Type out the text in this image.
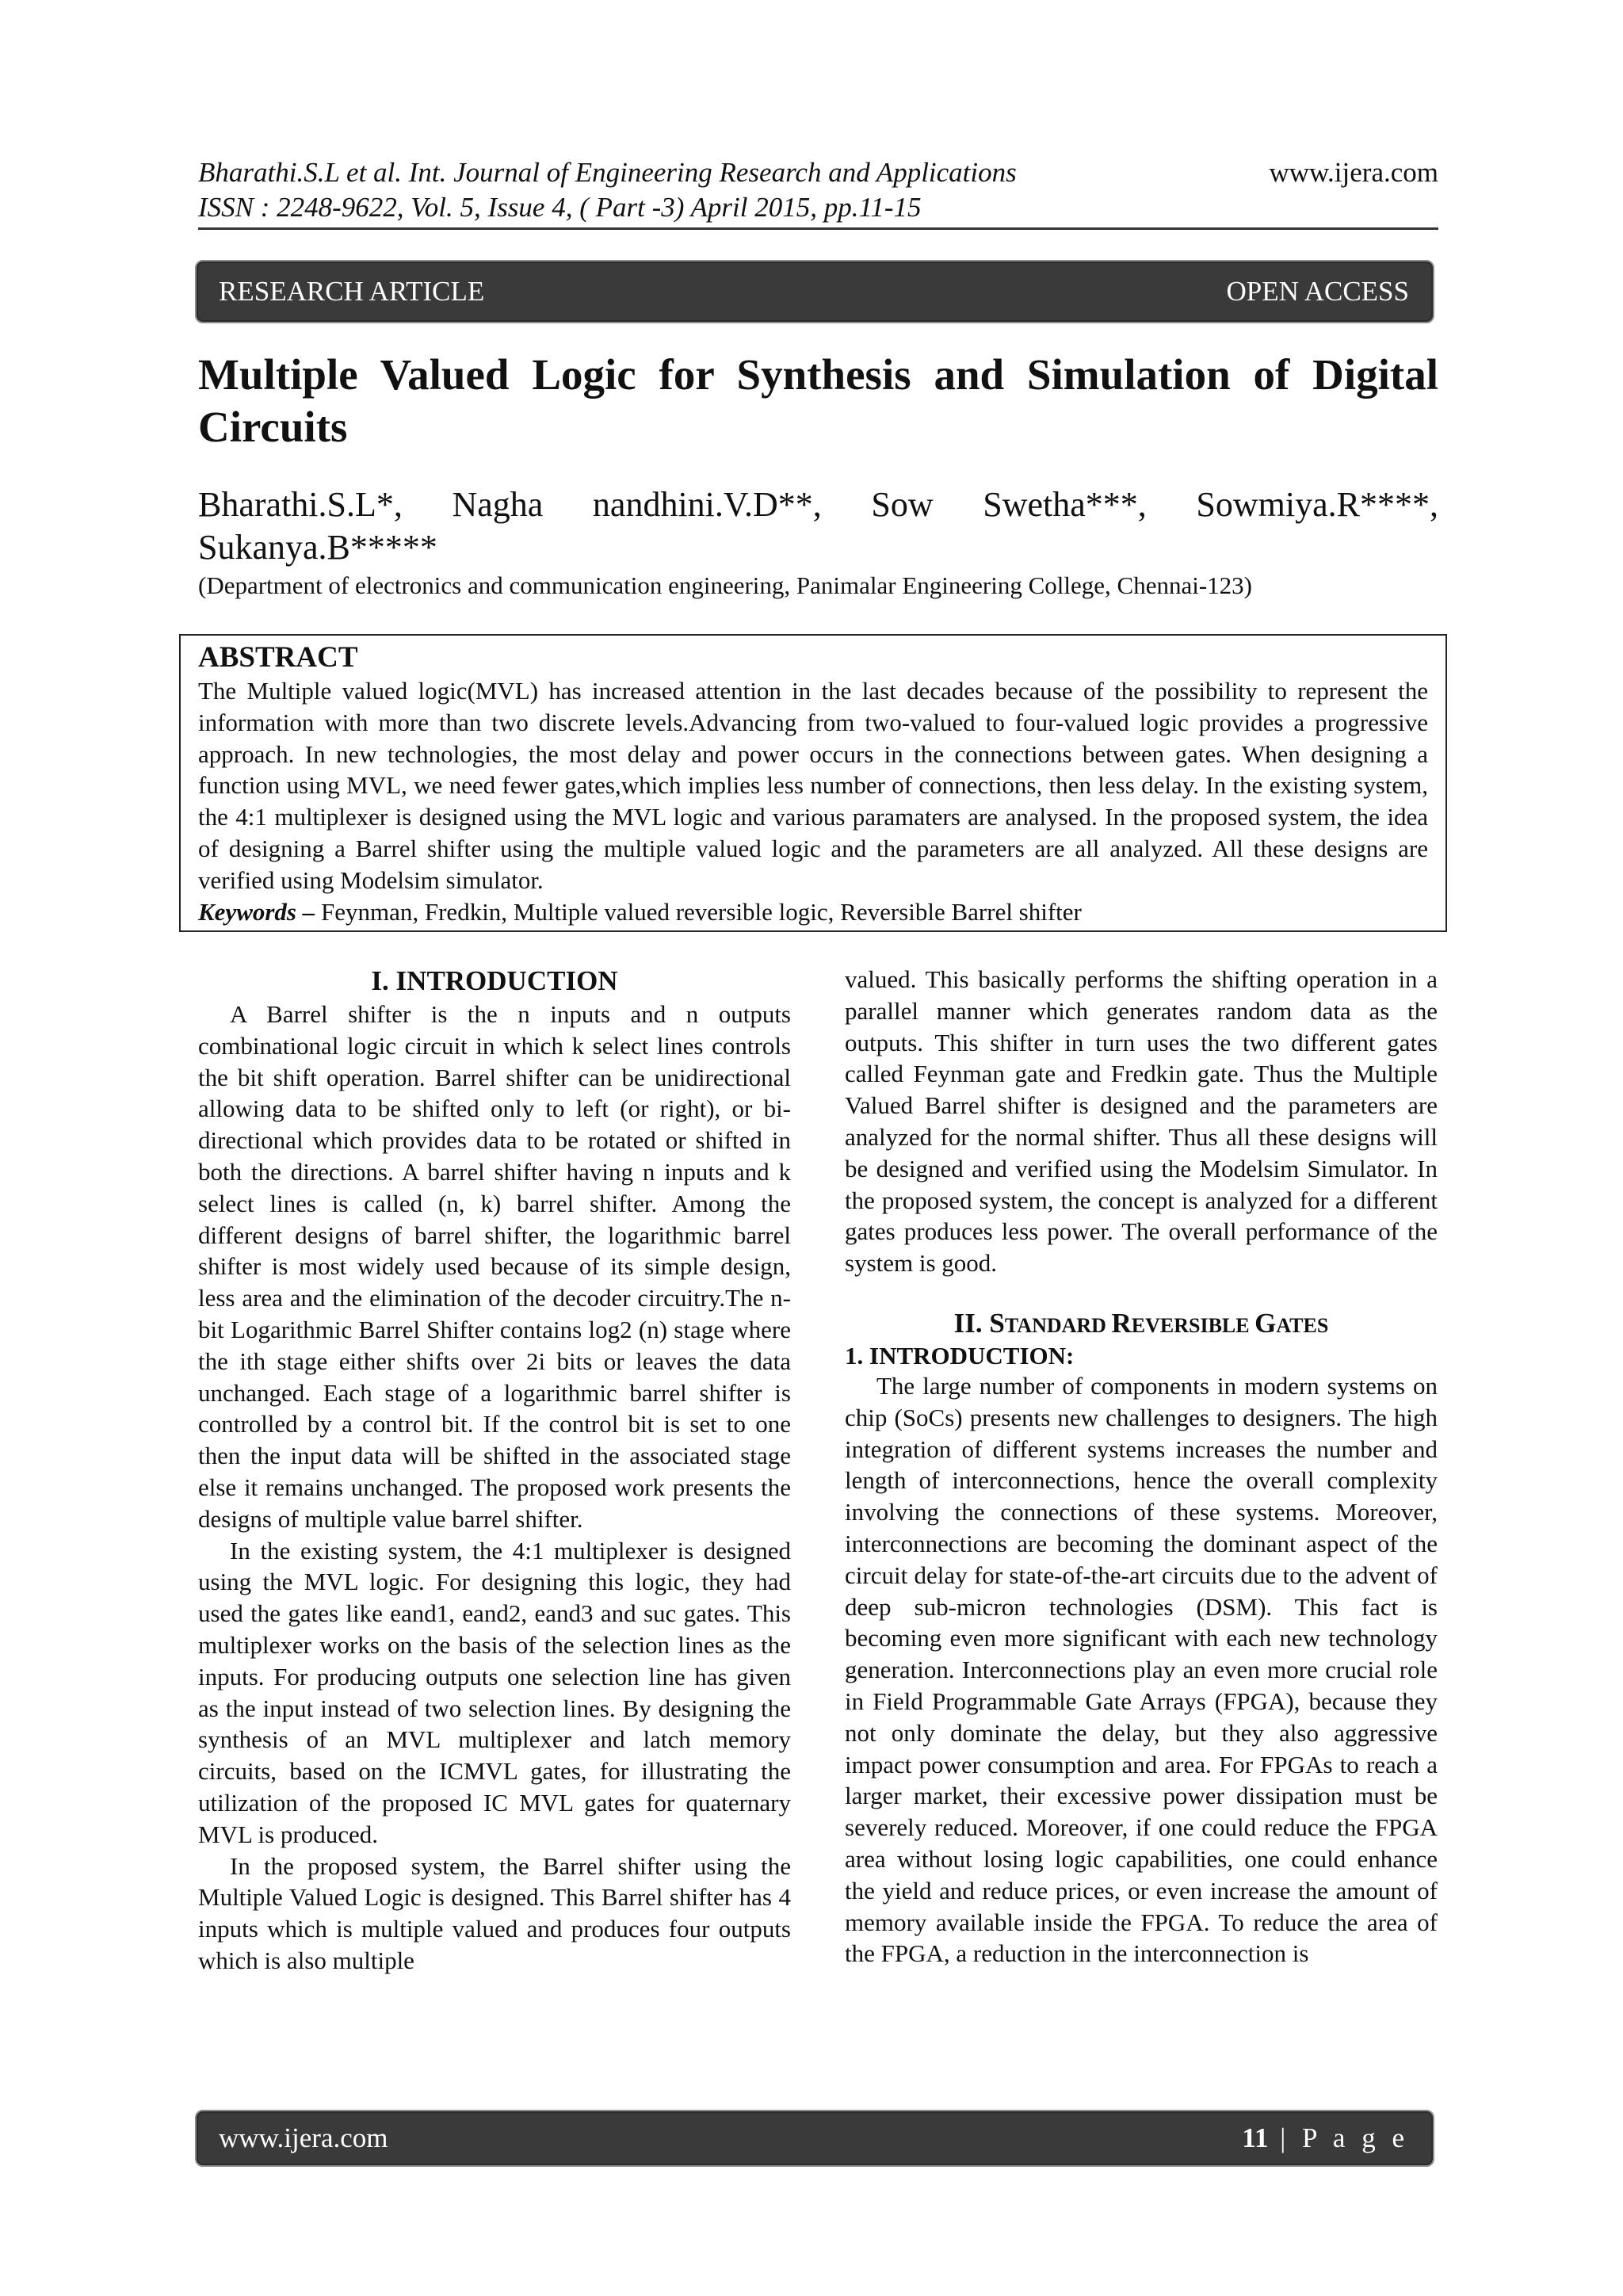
Bharathi.S.L et al. Int. Journal of Engineering Research and Applications	www.ijera.com
ISSN : 2248-9622, Vol. 5, Issue 4, ( Part -3) April 2015, pp.11-15
RESEARCH ARTICLE	OPEN ACCESS
Multiple Valued Logic for Synthesis and Simulation of Digital Circuits
Bharathi.S.L*, Nagha nandhini.V.D**, Sow Swetha***, Sowmiya.R****, Sukanya.B*****
(Department of electronics and communication engineering, Panimalar Engineering College, Chennai-123)
ABSTRACT

The Multiple valued logic(MVL) has increased attention in the last decades because of the possibility to represent the information with more than two discrete levels.Advancing from two-valued to four-valued logic provides a progressive approach. In new technologies, the most delay and power occurs in the connections between gates. When designing a function using MVL, we need fewer gates,which implies less number of connections, then less delay. In the existing system, the 4:1 multiplexer is designed using the MVL logic and various paramaters are analysed. In the proposed system, the idea of designing a Barrel shifter using the multiple valued logic and the parameters are all analyzed. All these designs are verified using Modelsim simulator.

Keywords – Feynman, Fredkin, Multiple valued reversible logic, Reversible Barrel shifter
I. INTRODUCTION

A Barrel shifter is the n inputs and n outputs combinational logic circuit in which k select lines controls the bit shift operation. Barrel shifter can be unidirectional allowing data to be shifted only to left (or right), or bi-directional which provides data to be rotated or shifted in both the directions. A barrel shifter having n inputs and k select lines is called (n, k) barrel shifter. Among the different designs of barrel shifter, the logarithmic barrel shifter is most widely used because of its simple design, less area and the elimination of the decoder circuitry.The n-bit Logarithmic Barrel Shifter contains log2 (n) stage where the ith stage either shifts over 2i bits or leaves the data unchanged. Each stage of a logarithmic barrel shifter is controlled by a control bit. If the control bit is set to one then the input data will be shifted in the associated stage else it remains unchanged. The proposed work presents the designs of multiple value barrel shifter.

In the existing system, the 4:1 multiplexer is designed using the MVL logic. For designing this logic, they had used the gates like eand1, eand2, eand3 and suc gates. This multiplexer works on the basis of the selection lines as the inputs. For producing outputs one selection line has given as the input instead of two selection lines. By designing the synthesis of an MVL multiplexer and latch memory circuits, based on the ICMVL gates, for illustrating the utilization of the proposed IC MVL gates for quaternary MVL is produced.

In the proposed system, the Barrel shifter using the Multiple Valued Logic is designed. This Barrel shifter has 4 inputs which is multiple valued and produces four outputs which is also multiple

valued. This basically performs the shifting operation in a parallel manner which generates random data as the outputs. This shifter in turn uses the two different gates called Feynman gate and Fredkin gate. Thus the Multiple Valued Barrel shifter is designed and the parameters are analyzed for the normal shifter. Thus all these designs will be designed and verified using the Modelsim Simulator. In the proposed system, the concept is analyzed for a different gates produces less power. The overall performance of the system is good.

II. STANDARD REVERSIBLE GATES
1. INTRODUCTION:

The large number of components in modern systems on chip (SoCs) presents new challenges to designers. The high integration of different systems increases the number and length of interconnections, hence the overall complexity involving the connections of these systems. Moreover, interconnections are becoming the dominant aspect of the circuit delay for state-of-the-art circuits due to the advent of deep sub-micron technologies (DSM). This fact is becoming even more significant with each new technology generation. Interconnections play an even more crucial role in Field Programmable Gate Arrays (FPGA), because they not only dominate the delay, but they also aggressive impact power consumption and area. For FPGAs to reach a larger market, their excessive power dissipation must be severely reduced. Moreover, if one could reduce the FPGA area without losing logic capabilities, one could enhance the yield and reduce prices, or even increase the amount of memory available inside the FPGA. To reduce the area of the FPGA, a reduction in the interconnection is

www.ijera.com	11 | P a g e
